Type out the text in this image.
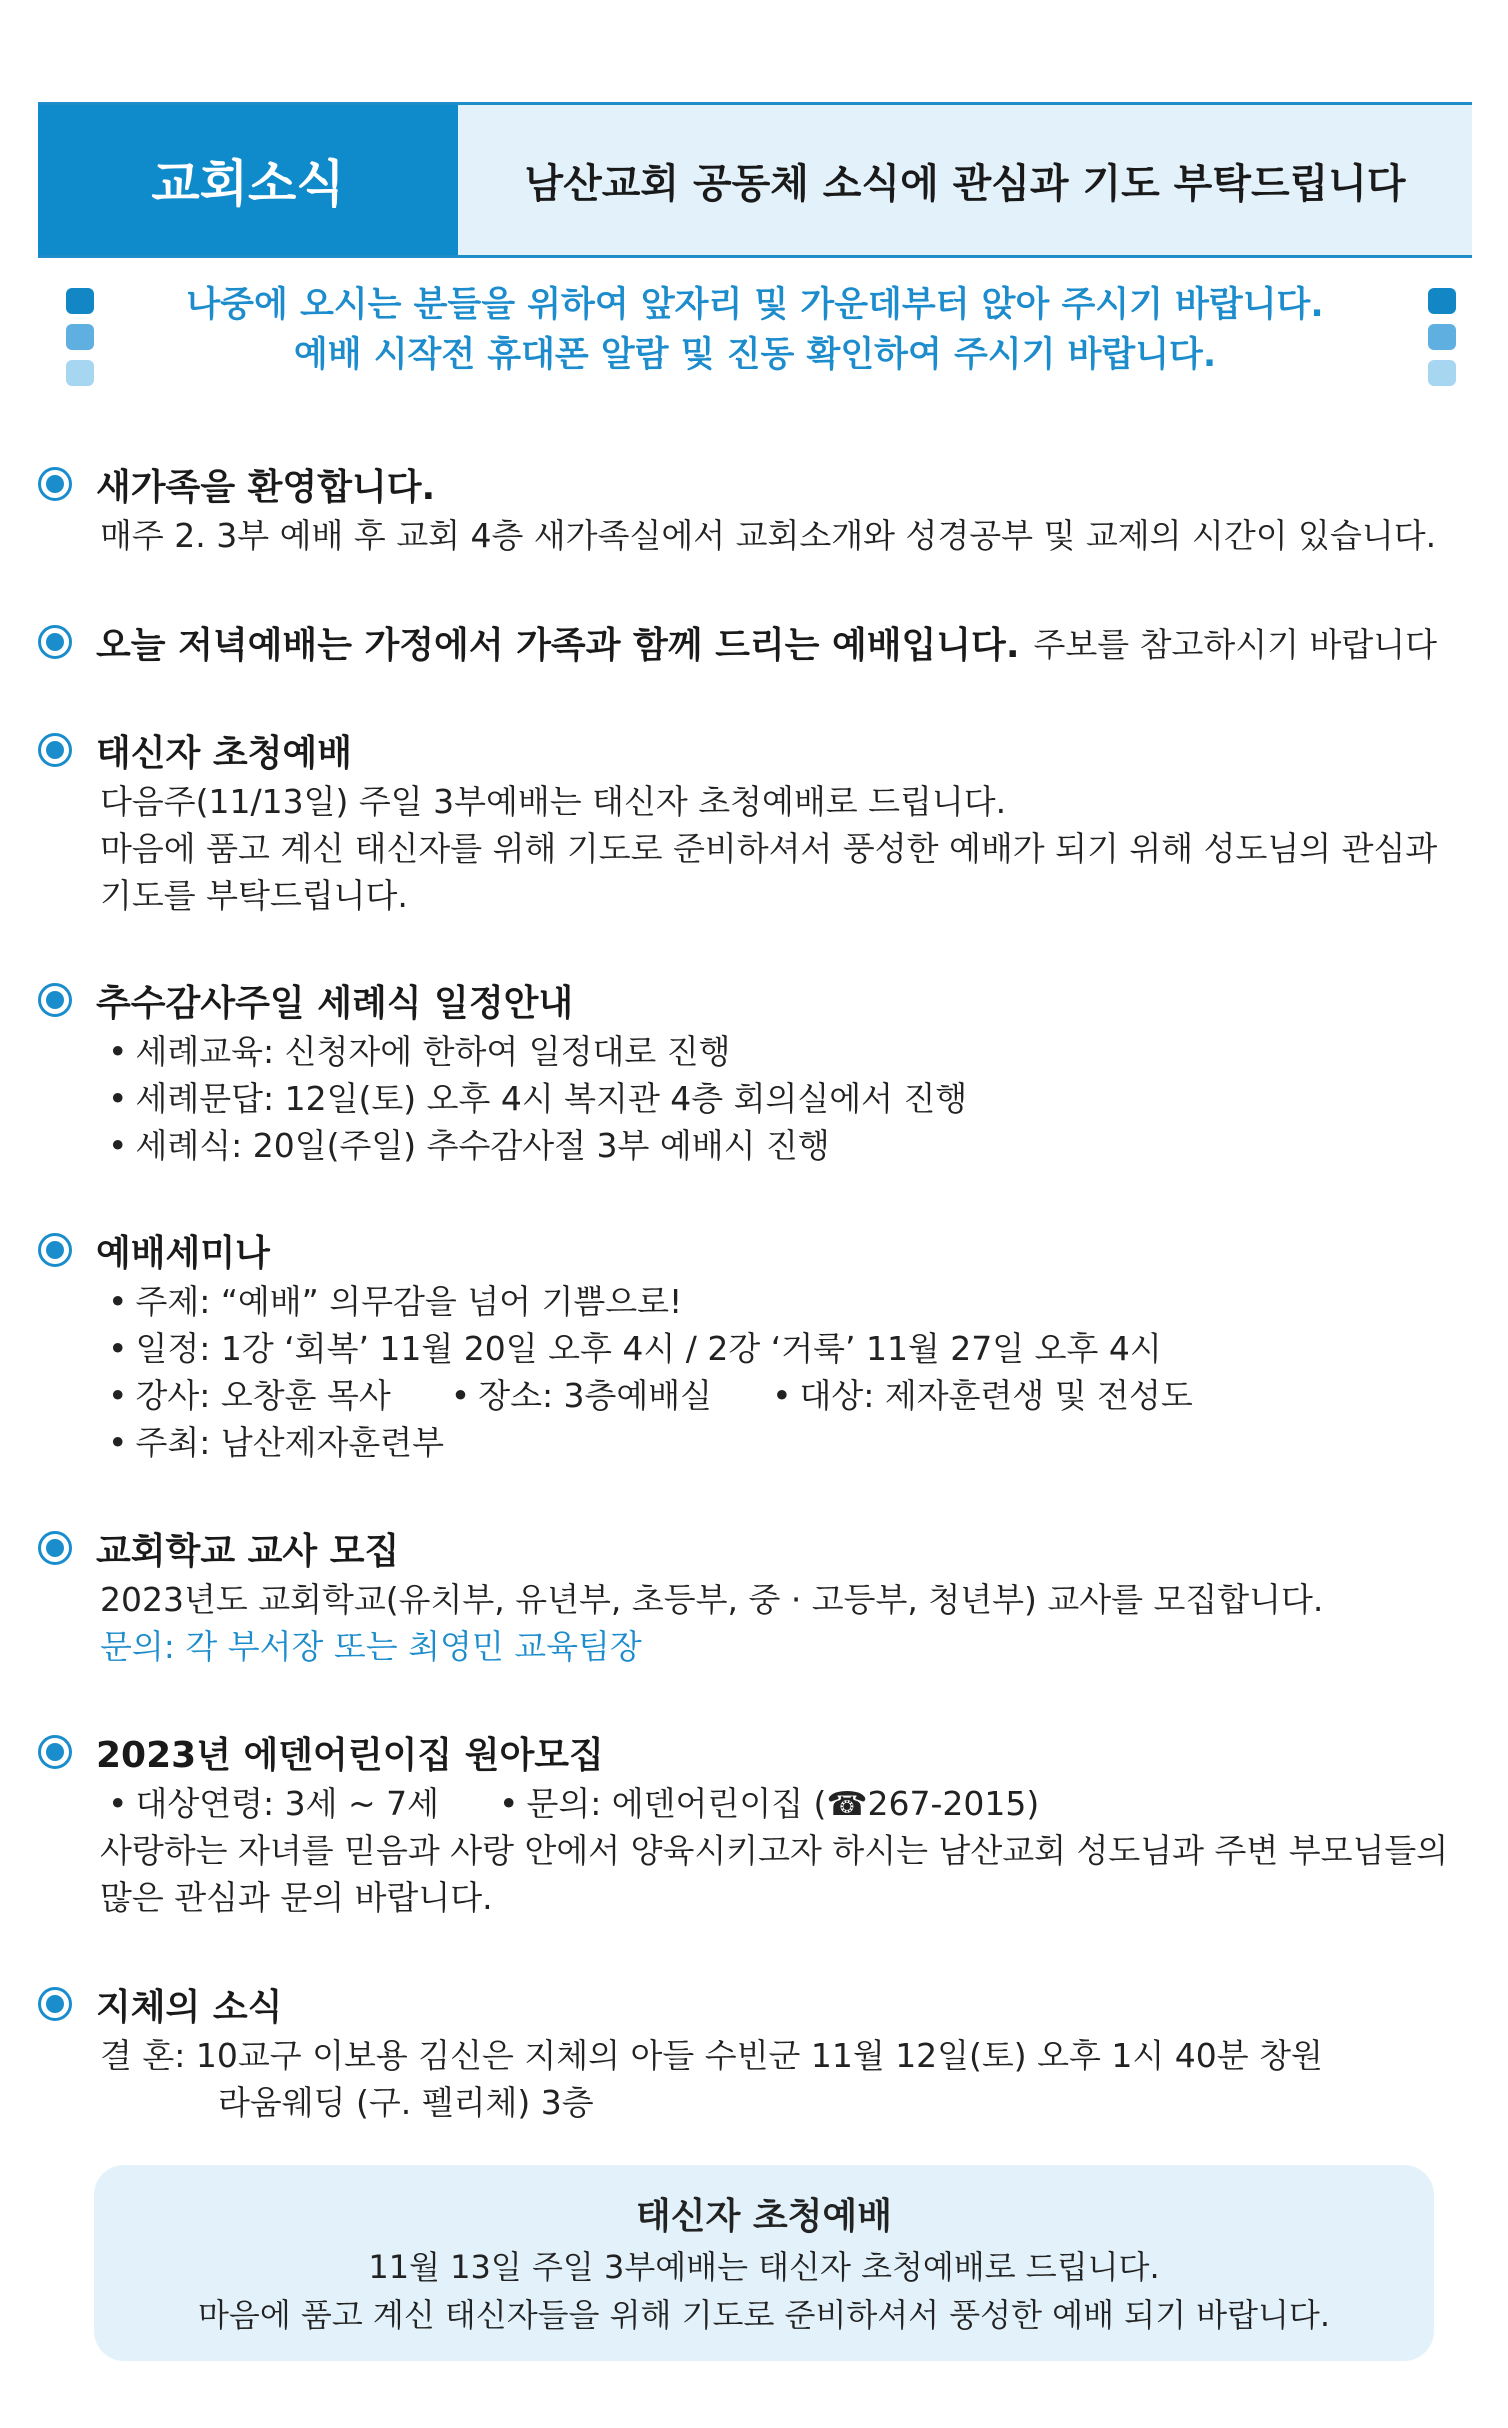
교회소식	남산교회 공동체 소식에 관심과 기도 부탁드립니다
나중에 오시는 분들을 위하여 앞자리 및 가운데부터 앉아 주시기 바랍니다.
예배 시작전 휴대폰 알람 및 진동 확인하여 주시기 바랍니다.
새가족을 환영합니다.
매주 2. 3부 예배 후 교회 4층 새가족실에서 교회소개와 성경공부 및 교제의 시간이 있습니다.
오늘 저녁예배는 가정에서 가족과 함께 드리는 예배입니다. 주보를 참고하시기 바랍니다
태신자 초청예배
다음주(11/13일) 주일 3부예배는 태신자 초청예배로 드립니다.
마음에 품고 계신 태신자를 위해 기도로 준비하셔서 풍성한 예배가 되기 위해 성도님의 관심과
기도를 부탁드립니다.
추수감사주일 세례식 일정안내
• 세례교육: 신청자에 한하여 일정대로 진행
• 세례문답: 12일(토) 오후 4시 복지관 4층 회의실에서 진행
• 세례식: 20일(주일) 추수감사절 3부 예배시 진행
예배세미나
• 주제: “예배” 의무감을 넘어 기쁨으로!
• 일정: 1강 ‘회복’ 11월 20일 오후 4시 / 2강 ‘거룩’ 11월 27일 오후 4시
• 강사: 오창훈 목사	• 장소: 3층예배실	• 대상: 제자훈련생 및 전성도
• 주최: 남산제자훈련부
교회학교 교사 모집
2023년도 교회학교(유치부, 유년부, 초등부, 중 · 고등부, 청년부) 교사를 모집합니다.
문의: 각 부서장 또는 최영민 교육팀장
2023년 에덴어린이집 원아모집
• 대상연령: 3세 ~ 7세	• 문의: 에덴어린이집 (☎267-2015)
사랑하는 자녀를 믿음과 사랑 안에서 양육시키고자 하시는 남산교회 성도님과 주변 부모님들의
많은 관심과 문의 바랍니다.
지체의 소식
결 혼: 10교구 이보용 김신은 지체의 아들 수빈군 11월 12일(토) 오후 1시 40분 창원
라움웨딩 (구. 펠리체) 3층
태신자 초청예배
11월 13일 주일 3부예배는 태신자 초청예배로 드립니다.
마음에 품고 계신 태신자들을 위해 기도로 준비하셔서 풍성한 예배 되기 바랍니다.
